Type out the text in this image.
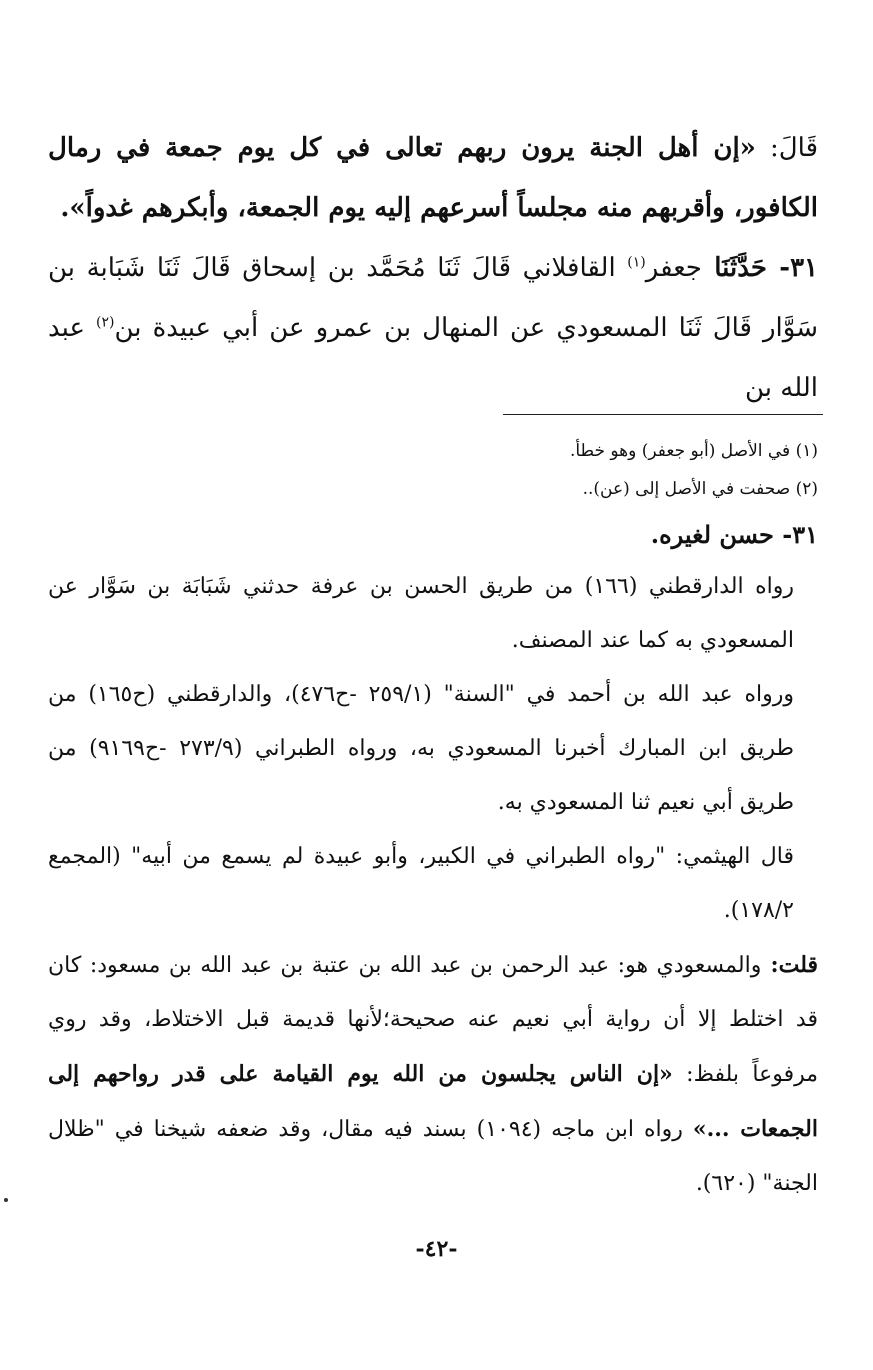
قَالَ: «إن أهل الجنة يرون ربهم تعالى في كل يوم جمعة في رمال الكافور، وأقربهم منه مجلساً أسرعهم إليه يوم الجمعة، وأبكرهم غدواً».

٣١- حَدَّثَنَا جعفر$^{(١)}$ القافلاني قَالَ ثَنَا مُحَمَّد بن إسحاق قَالَ ثَنَا شَبَابة بن سَوَّار قَالَ ثَنَا المسعودي عن المنهال بن عمرو عن أبي عبيدة بن$^{(٢)}$ عبد الله بن

(١) في الأصل (أبو جعفر) وهو خطأ.

(٢) صحفت في الأصل إلى (عن)..

٣١- حسن لغيره.

رواه الدارقطني (١٦٦) من طريق الحسن بن عرفة حدثني شَبَابَة بن سَوَّار عن المسعودي به كما عند المصنف.

ورواه عبد الله بن أحمد في "السنة" (٢٥٩/١ -ح٤٧٦)، والدارقطني (ح١٦٥) من طريق ابن المبارك أخبرنا المسعودي به، ورواه الطبراني (٢٧٣/٩ -ح٩١٦٩) من طريق أبي نعيم ثنا المسعودي به.

قال الهيثمي: "رواه الطبراني في الكبير، وأبو عبيدة لم يسمع من أبيه" (المجمع ١٧٨/٢).

قلت: والمسعودي هو: عبد الرحمن بن عبد الله بن عتبة بن عبد الله بن مسعود: كان قد اختلط إلا أن رواية أبي نعيم عنه صحيحة؛لأنها قديمة قبل الاختلاط، وقد روي مرفوعاً بلفظ: «إن الناس يجلسون من الله يوم القيامة على قدر رواحهم إلى الجمعات ...» رواه ابن ماجه (١٠٩٤) بسند فيه مقال، وقد ضعفه شيخنا في "ظلال الجنة" (٦٢٠).

-٤٢-
